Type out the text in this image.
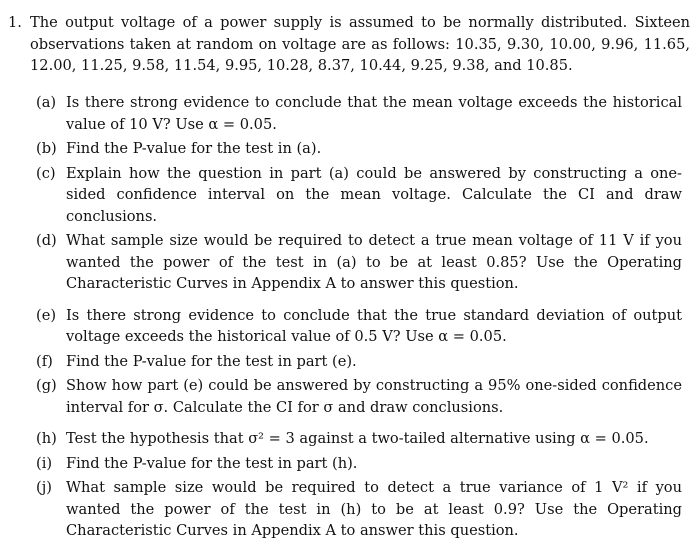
1. The output voltage of a power supply is assumed to be normally distributed. Sixteen observations taken at random on voltage are as follows: 10.35, 9.30, 10.00, 9.96, 11.65, 12.00, 11.25, 9.58, 11.54, 9.95, 10.28, 8.37, 10.44, 9.25, 9.38, and 10.85.
(a) Is there strong evidence to conclude that the mean voltage exceeds the historical value of 10 V? Use α = 0.05.
(b) Find the P-value for the test in (a).
(c) Explain how the question in part (a) could be answered by constructing a one-sided confidence interval on the mean voltage. Calculate the CI and draw conclusions.
(d) What sample size would be required to detect a true mean voltage of 11 V if you wanted the power of the test in (a) to be at least 0.85? Use the Operating Characteristic Curves in Appendix A to answer this question.
(e) Is there strong evidence to conclude that the true standard deviation of output voltage exceeds the historical value of 0.5 V? Use α = 0.05.
(f) Find the P-value for the test in part (e).
(g) Show how part (e) could be answered by constructing a 95% one-sided confidence interval for σ. Calculate the CI for σ and draw conclusions.
(h) Test the hypothesis that σ² = 3 against a two-tailed alternative using α = 0.05.
(i) Find the P-value for the test in part (h).
(j) What sample size would be required to detect a true variance of 1 V² if you wanted the power of the test in (h) to be at least 0.9? Use the Operating Characteristic Curves in Appendix A to answer this question.
